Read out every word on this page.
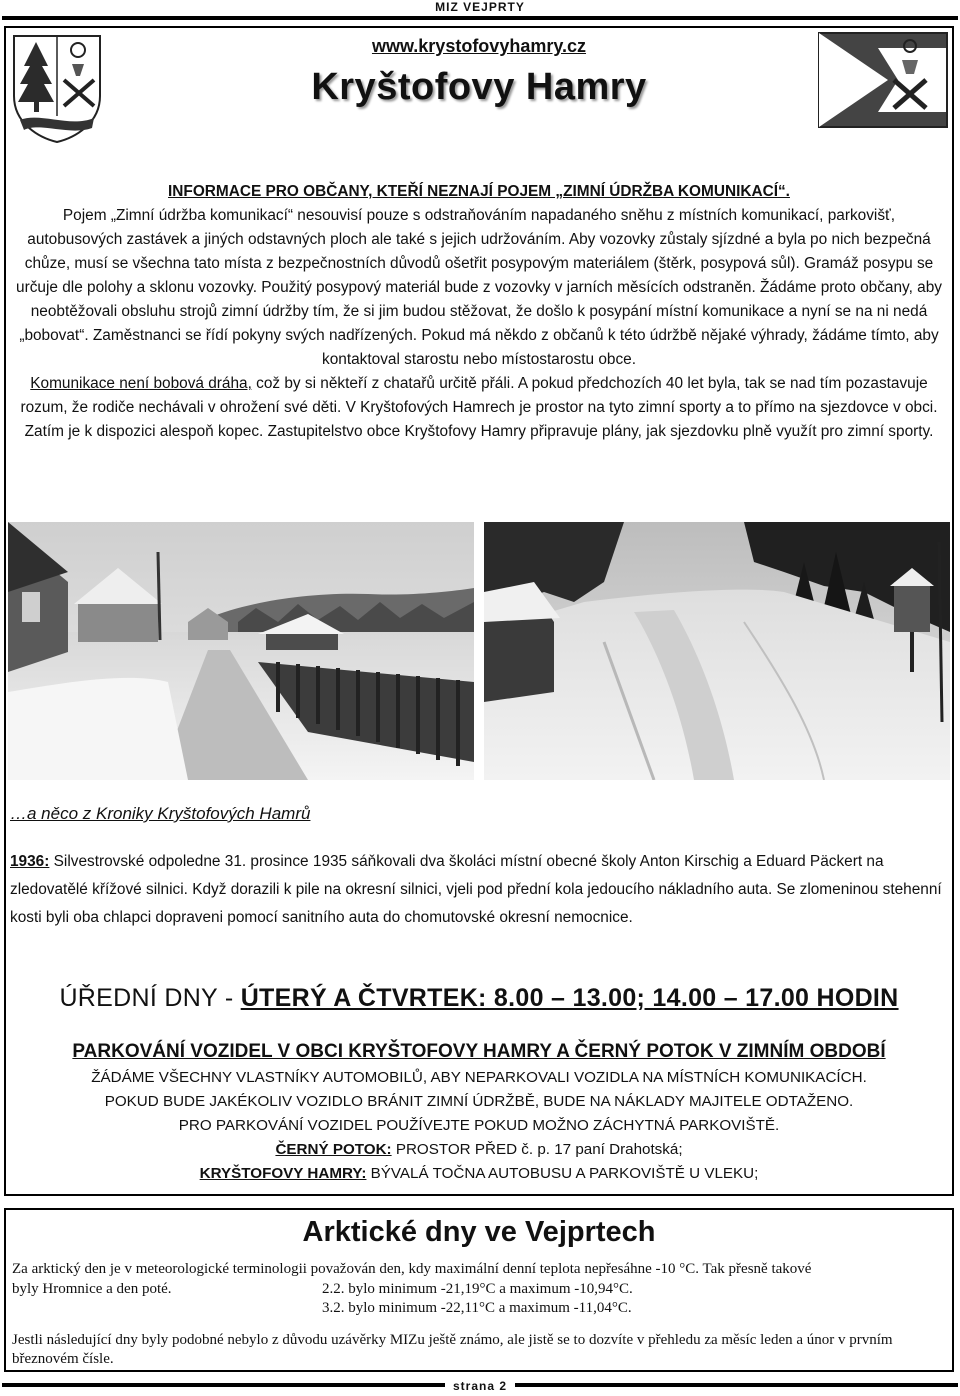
MIZ VEJPRTY
www.krystofovyhamry.cz
Kryštofovy Hamry
INFORMACE PRO OBČANY, KTEŘÍ NEZNAJÍ POJEM „ZIMNÍ ÚDRŽBA KOMUNIKACÍ“.

Pojem „Zimní údržba komunikací“ nesouvisí pouze s odstraňováním napadaného sněhu z místních komunikací, parkovišť, autobusových zastávek a jiných odstavných ploch ale také s jejich udržováním. Aby vozovky zůstaly sjízdné a byla po nich bezpečná chůze, musí se všechna tato místa z bezpečnostních důvodů ošetřit posypovým materiálem (štěrk, posypová sůl). Gramáž posypu se určuje dle polohy a sklonu vozovky. Použitý posypový materiál bude z vozovky v jarních měsících odstraněn. Žádáme proto občany, aby neobtěžovali obsluhu strojů zimní údržby tím, že si jim budou stěžovat, že došlo k posypání místní komunikace a nyní se na ni nedá „bobovat“. Zaměstnanci se řídí pokyny svých nadřízených. Pokud má někdo z občanů k této údržbě nějaké výhrady, žádáme tímto, aby kontaktoval starostu nebo místostarostu obce.

Komunikace není bobová dráha, což by si někteří z chatařů určitě přáli. A pokud předchozích 40 let byla, tak se nad tím pozastavuje rozum, že rodiče nechávali v ohrožení své děti. V Kryštofových Hamrech je prostor na tyto zimní sporty a to přímo na sjezdovce v obci. Zatím je k dispozici alespoň kopec. Zastupitelstvo obce Kryštofovy Hamry připravuje plány, jak sjezdovku plně využít pro zimní sporty.

…a něco z Kroniky Kryštofových Hamrů
1936: Silvestrovské odpoledne 31. prosince 1935 sáňkovali dva školáci místní obecné školy Anton Kirschig a Eduard Päckert na zledovatělé křížové silnici. Když dorazili k pile na okresní silnici, vjeli pod přední kola jedoucího nákladního auta. Se zlomeninou stehenní kosti byli oba chlapci dopraveni pomocí sanitního auta do chomutovské okresní nemocnice.
ÚŘEDNÍ DNY - ÚTERÝ A ČTVRTEK: 8.00 – 13.00; 14.00 – 17.00 HODIN
PARKOVÁNÍ VOZIDEL V OBCI KRYŠTOFOVY HAMRY A ČERNÝ POTOK V ZIMNÍM OBDOBÍ

ŽÁDÁME VŠECHNY VLASTNÍKY AUTOMOBILŮ, ABY NEPARKOVALI VOZIDLA NA MÍSTNÍCH KOMUNIKACÍCH.

POKUD BUDE JAKÉKOLIV VOZIDLO BRÁNIT ZIMNÍ ÚDRŽBĚ, BUDE NA NÁKLADY MAJITELE ODTAŽENO.

PRO PARKOVÁNÍ VOZIDEL POUŽÍVEJTE POKUD MOŽNO ZÁCHYTNÁ PARKOVIŠTĚ.

ČERNÝ POTOK: PROSTOR PŘED č. p. 17 paní Drahotská;

KRYŠTOFOVY HAMRY: BÝVALÁ TOČNA AUTOBUSU A PARKOVIŠTĚ U VLEKU;

Arktické dny ve Vejprtech

Za arktický den je v meteorologické terminologii považován den, kdy maximální denní teplota nepřesáhne -10 °C. Tak přesně takové

byly Hromnice a den poté.	2.2. bylo minimum -21,19°C a maximum -10,94°C.
3.2. bylo minimum -22,11°C a maximum -11,04°C.

Jestli následující dny byly podobné nebylo z důvodu uzávěrky MIZu ještě známo, ale jistě se to dozvíte v přehledu za měsíc leden a únor v prvním březnovém čísle.

strana 2
